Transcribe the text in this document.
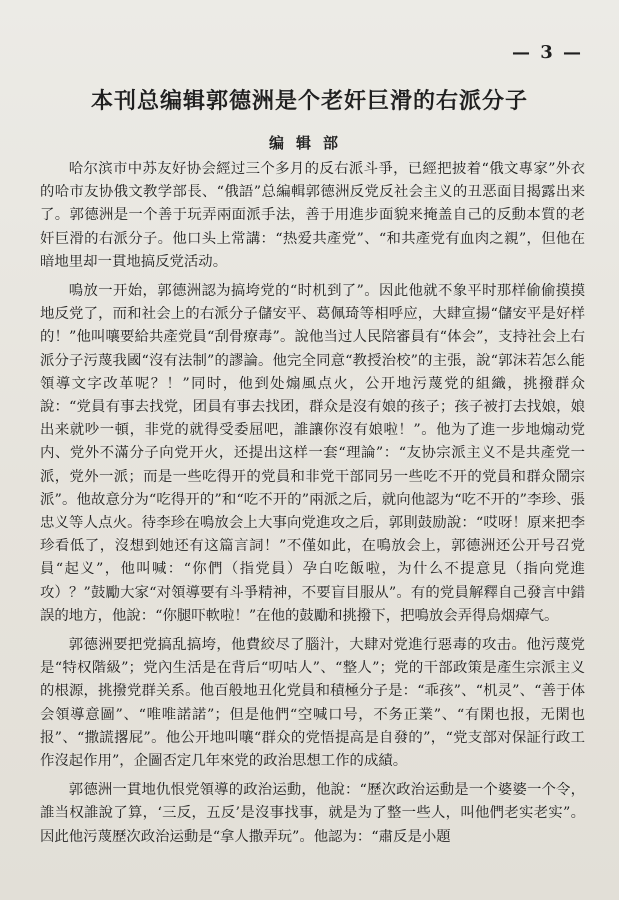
— 3 —
本刊总编辑郭德洲是个老奸巨滑的右派分子
编辑部

哈尔滨市中苏友好协会經过三个多月的反右派斗爭，已經把披着“俄文專家”外衣的哈市友协俄文教学部長、“俄語”总編輯郭德洲反党反社会主义的丑恶面目揭露出来了。郭德洲是一个善于玩弄兩面派手法，善于用進步面貌来掩盖自己的反動本質的老奸巨滑的右派分子。他口头上常講：“热爱共產党”、“和共產党有血肉之親”，但他在暗地里却一貫地搞反党活动。

鳴放一开始，郭德洲認为搞垮党的“时机到了”。因此他就不象平时那样偷偷摸摸地反党了，而和社会上的右派分子儲安平、葛佩琦等相呼应，大肆宣揚“儲安平是好样的！”他叫嚷要給共產党員“刮骨療毒”。說他当过人民陪審員有“体会”，支持社会上右派分子污蔑我國“沒有法制”的謬論。他完全同意“教授治校”的主張，說“郭沫若怎么能領導文字改革呢？！”同时，他到处煽風点火，公开地污蔑党的組織，挑撥群众說：“党員有事去找党，团員有事去找团，群众是沒有娘的孩子；孩子被打去找娘，娘出来就吵一頓，非党的就得受委屈吧，誰讓你沒有娘啦！”。他为了進一步地煽动党内、党外不滿分子向党开火，还提出这样一套“理論”：“友协宗派主义不是共產党一派，党外一派；而是一些吃得开的党員和非党干部同另一些吃不开的党員和群众鬧宗派”。他故意分为“吃得开的”和“吃不开的”兩派之后，就向他認为“吃不开的”李珍、張忠义等人点火。待李珍在鳴放会上大事向党進攻之后，郭則鼓励說：“哎呀！原来把李珍看低了，沒想到她还有这篇言詞！”不僅如此，在鳴放会上，郭德洲还公开号召党員“起义”，他叫喊：“你們（指党員）孕白吃飯啦，为什么不提意見（指向党進攻）？”鼓勵大家“对領導要有斗爭精神，不要盲目服从”。有的党員解釋自己發言中錯誤的地方，他說：“你腿吓軟啦！”在他的鼓勵和挑撥下，把鳴放会弄得烏烟瘴气。

郭德洲要把党搞乱搞垮，他費絞尽了腦汁，大肆对党進行惡毒的攻击。他污蔑党是“特权階級”；党內生活是在背后“叨咕人”、“整人”；党的干部政策是產生宗派主义的根源，挑撥党群关系。他百般地丑化党員和積極分子是：“乖孩”、“机灵”、“善于体会領導意圖”、“唯唯諾諾”；但是他們“空喊口号，不务正業”、“有閑也报，无閑也报”、“撒謊撂屁”。他公开地叫嚷“群众的党悟提高是自發的”，“党支部对保証行政工作沒起作用”，企圖否定几年來党的政治思想工作的成績。

郭德洲一貫地仇恨党領導的政治运動，他說：“歷次政治运動是一个婆婆一个令，誰当权誰說了算，‘三反，五反’是沒事找事，就是为了整一些人，叫他們老实老实”。因此他污蔑歷次政治运動是“拿人撒弄玩”。他認为：“肅反是小題
